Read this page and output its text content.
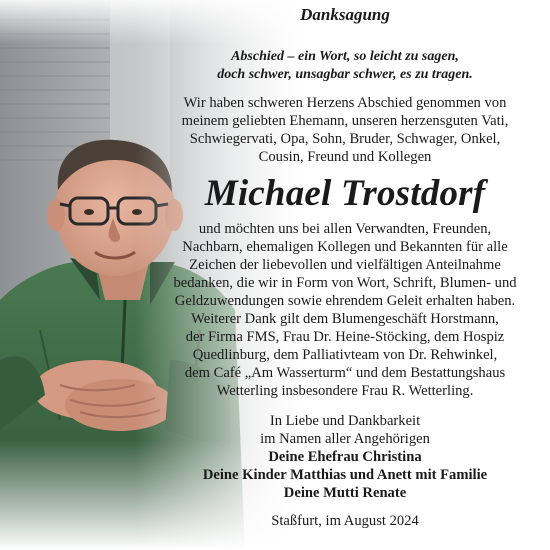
Danksagung
Abschied – ein Wort, so leicht zu sagen,
doch schwer, unsagbar schwer, es zu tragen.
Wir haben schweren Herzens Abschied genommen von
meinem geliebten Ehemann, unseren herzensguten Vati,
Schwiegervati, Opa, Sohn, Bruder, Schwager, Onkel,
Cousin, Freund und Kollegen
Michael Trostdorf
und möchten uns bei allen Verwandten, Freunden,
Nachbarn, ehemaligen Kollegen und Bekannten für alle
Zeichen der liebevollen und vielfältigen Anteilnahme
bedanken, die wir in Form von Wort, Schrift, Blumen- und
Geldzuwendungen sowie ehrendem Geleit erhalten haben.
Weiterer Dank gilt dem Blumengeschäft Horstmann,
der Firma FMS, Frau Dr. Heine-Stöcking, dem Hospiz
Quedlinburg, dem Palliativteam von Dr. Rehwinkel,
dem Café „Am Wasserturm“ und dem Bestattungshaus
Wetterling insbesondere Frau R. Wetterling.
In Liebe und Dankbarkeit
im Namen aller Angehörigen
Deine Ehefrau Christina
Deine Kinder Matthias und Anett mit Familie
Deine Mutti Renate
Staßfurt, im August 2024
